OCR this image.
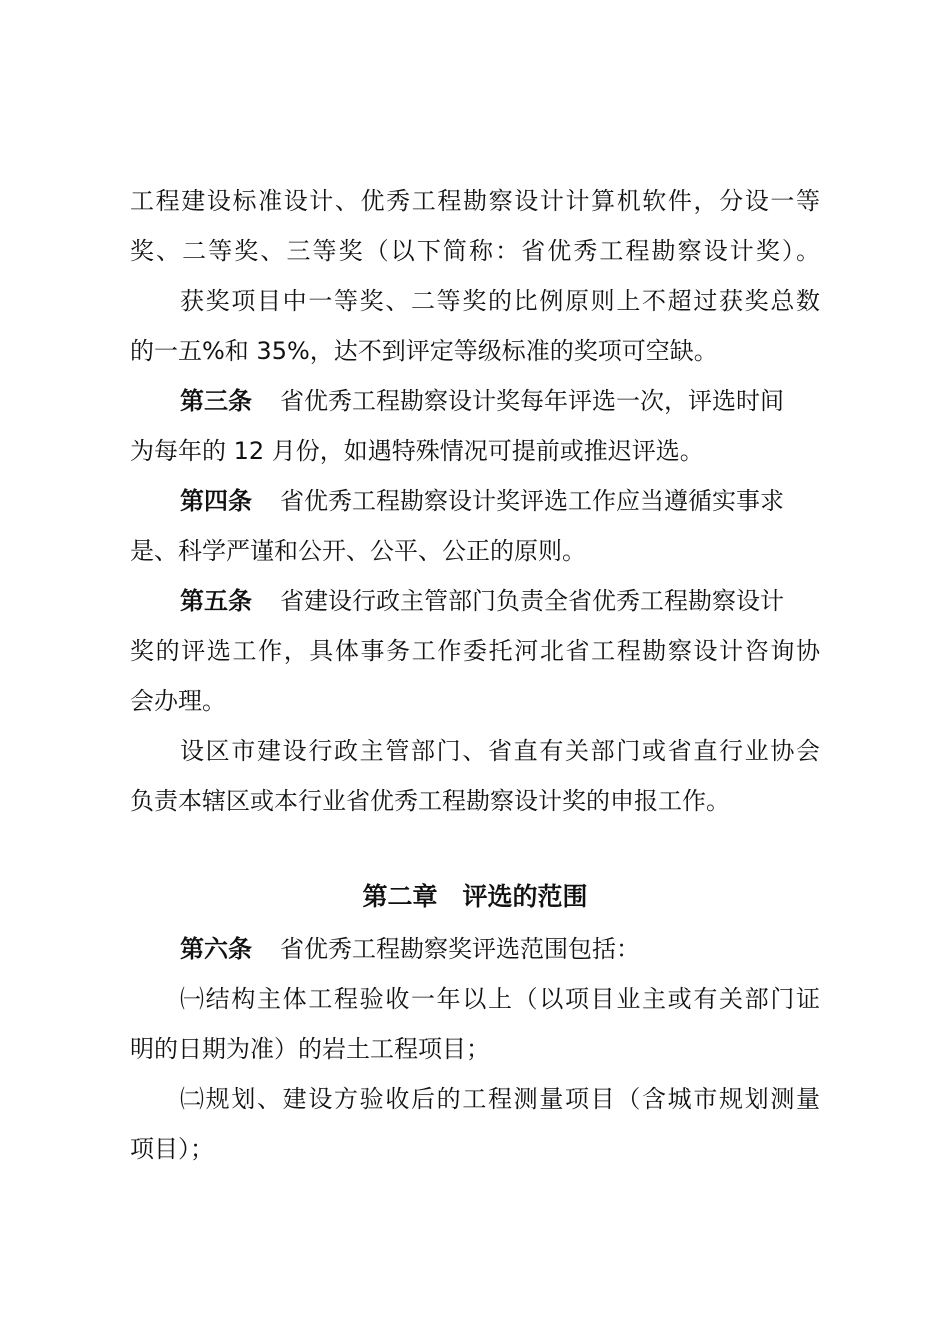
工程建设标准设计、优秀工程勘察设计计算机软件，分设一等
奖、二等奖、三等奖（以下简称：省优秀工程勘察设计奖）。
获奖项目中一等奖、二等奖的比例原则上不超过获奖总数
的一五%和 35%，达不到评定等级标准的奖项可空缺。
第三条 省优秀工程勘察设计奖每年评选一次，评选时间
为每年的 12 月份，如遇特殊情况可提前或推迟评选。
第四条 省优秀工程勘察设计奖评选工作应当遵循实事求
是、科学严谨和公开、公平、公正的原则。
第五条 省建设行政主管部门负责全省优秀工程勘察设计
奖的评选工作，具体事务工作委托河北省工程勘察设计咨询协
会办理。
设区市建设行政主管部门、省直有关部门或省直行业协会
负责本辖区或本行业省优秀工程勘察设计奖的申报工作。
第二章　评选的范围
第六条 省优秀工程勘察奖评选范围包括：
㈠结构主体工程验收一年以上（以项目业主或有关部门证
明的日期为准）的岩土工程项目；
㈡规划、建设方验收后的工程测量项目（含城市规划测量
项目）；
